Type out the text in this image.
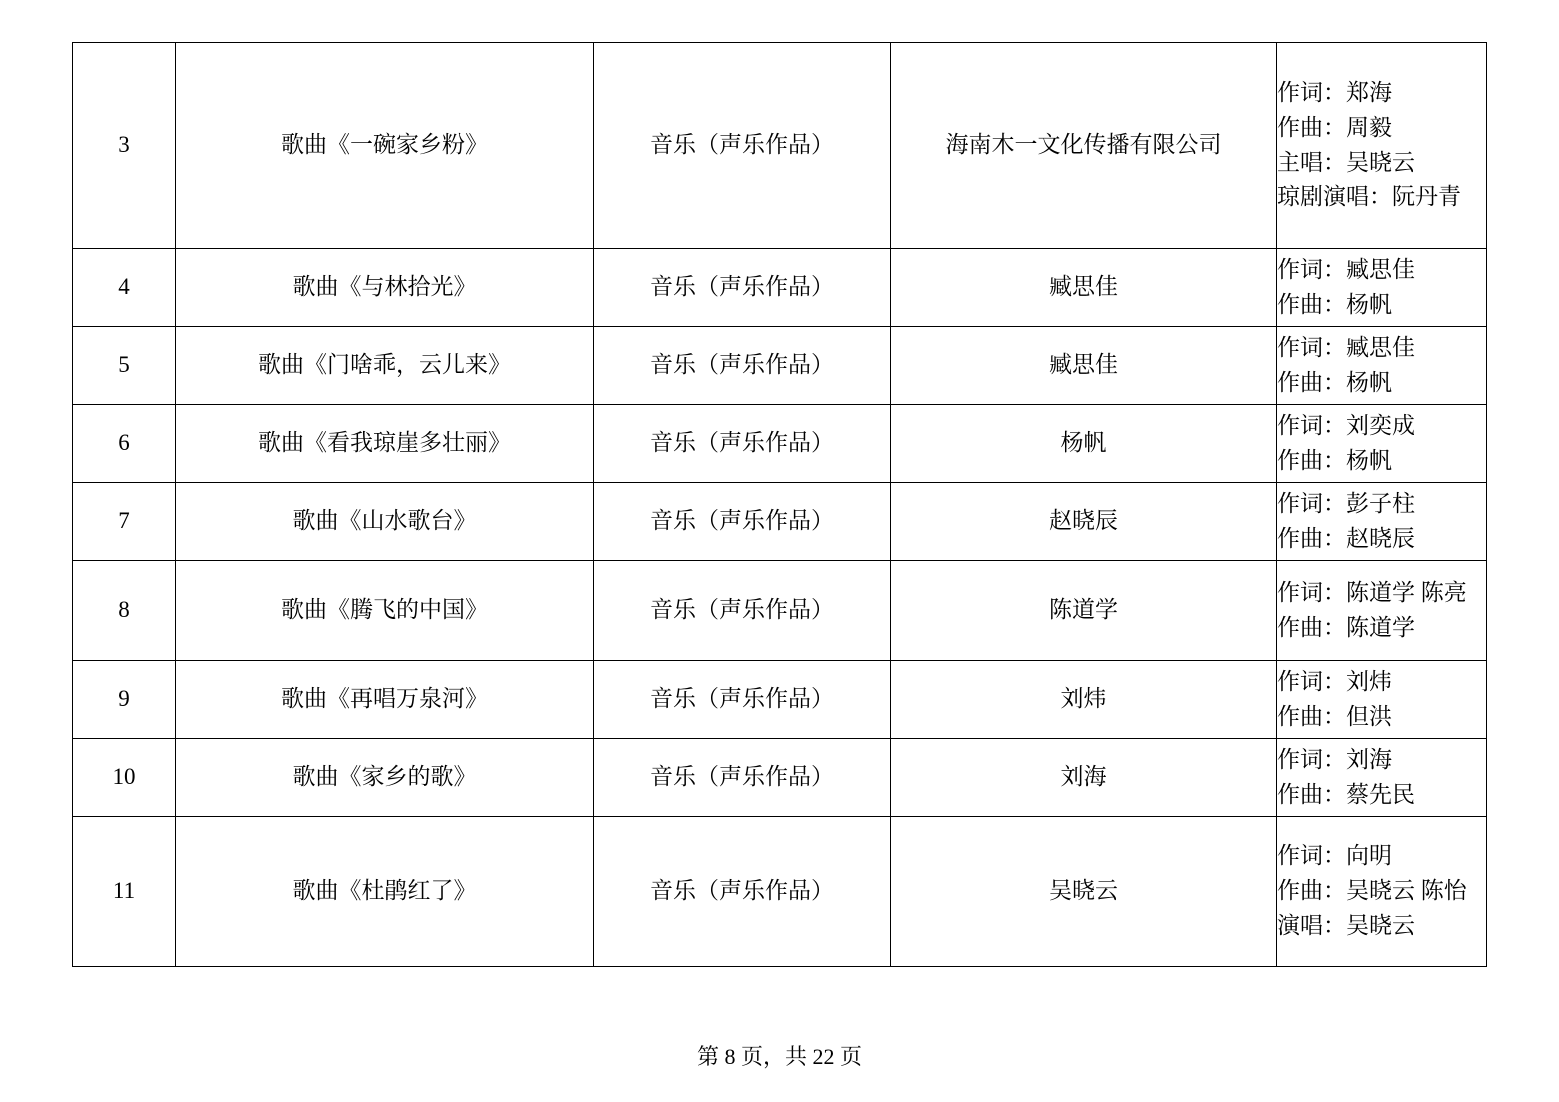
3	歌曲《一碗家乡粉》	音乐（声乐作品）	海南木一文化传播有限公司	作词：郑海
作曲：周毅
主唱：吴晓云
琼剧演唱：阮丹青

4	歌曲《与林拾光》	音乐（声乐作品）	臧思佳	作词：臧思佳
作曲：杨帆

5	歌曲《门啥乖，云儿来》	音乐（声乐作品）	臧思佳	作词：臧思佳
作曲：杨帆

6	歌曲《看我琼崖多壮丽》	音乐（声乐作品）	杨帆	作词：刘奕成
作曲：杨帆

7	歌曲《山水歌台》	音乐（声乐作品）	赵晓辰	作词：彭子柱
作曲：赵晓辰

8	歌曲《腾飞的中国》	音乐（声乐作品）	陈道学	作词：陈道学 陈亮
作曲：陈道学

9	歌曲《再唱万泉河》	音乐（声乐作品）	刘炜	作词：刘炜
作曲：但洪

10	歌曲《家乡的歌》	音乐（声乐作品）	刘海	作词：刘海
作曲：蔡先民

11	歌曲《杜鹃红了》	音乐（声乐作品）	吴晓云	作词：向明
作曲：吴晓云 陈怡
演唱：吴晓云
第 8 页，共 22 页
